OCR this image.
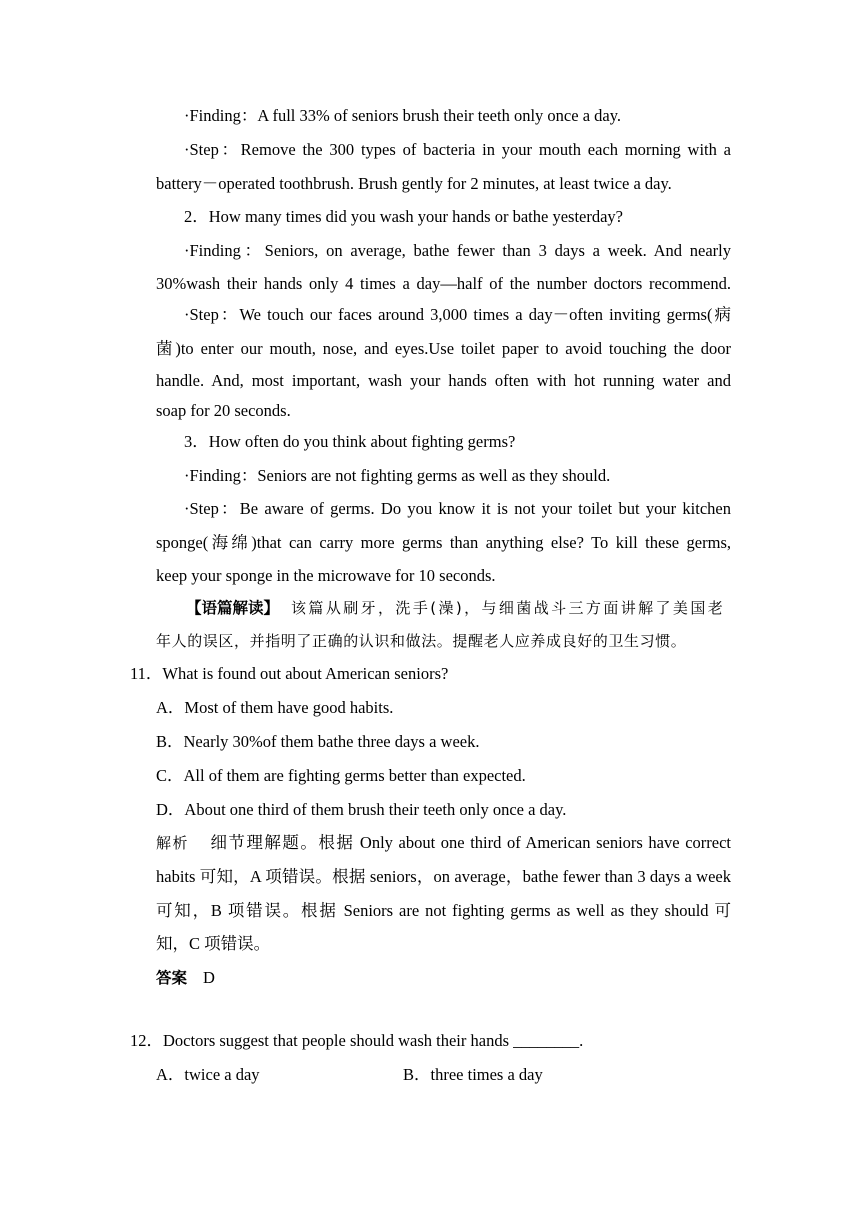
·Finding：A full 33% of seniors brush their teeth only once a day.

·Step：Remove the 300 types of bacteria in your mouth each morning with a

battery－operated toothbrush. Brush gently for 2 minutes, at least twice a day.

2．How many times did you wash your hands or bathe yesterday?

·Finding：Seniors, on average, bathe fewer than 3 days a week. And nearly

30%wash their hands only 4 times a day—half of the number doctors recommend.

·Step：We touch our faces around 3,000 times a day－often inviting germs(病

菌)to enter our mouth, nose, and eyes.Use toilet paper to avoid touching the door

handle. And, most important, wash your hands often with hot running water and

soap for 20 seconds.

3．How often do you think about fighting germs?

·Finding：Seniors are not fighting germs as well as they should.

·Step：Be aware of germs. Do you know it is not your toilet but your kitchen

sponge(海绵)that can carry more germs than anything else? To kill these germs,

keep your sponge in the microwave for 10 seconds.

【语篇解读】 该篇从刷牙，洗手(澡)，与细菌战斗三方面讲解了美国老

年人的误区，并指明了正确的认识和做法。提醒老人应养成良好的卫生习惯。

11．What is found out about American seniors?

A．Most of them have good habits.

B．Nearly 30%of them bathe three days a week.

C．All of them are fighting germs better than expected.

D．About one third of them brush their teeth only once a day.

解析 细节理解题。根据 Only about one third of American seniors have correct

habits 可知，A 项错误。根据 seniors，on average，bathe fewer than 3 days a week

可知，B 项错误。根据 Seniors are not fighting germs as well as they should 可

知，C 项错误。

答案 D

12．Doctors suggest that people should wash their hands ________.

A．twice a day	B．three times a day
